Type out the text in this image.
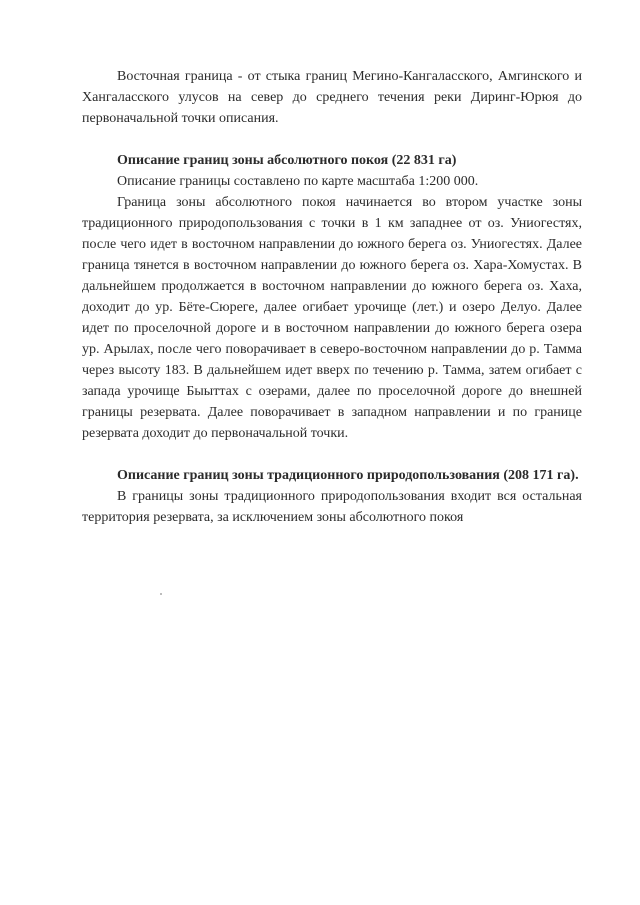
Восточная граница - от стыка границ Мегино-Кангаласского, Амгинского и Хангаласского улусов на север до среднего течения реки Диринг-Юрюя до первоначальной точки описания.

Описание границ зоны абсолютного покоя (22 831 га)

Описание границы составлено по карте масштаба 1:200 000.

Граница зоны абсолютного покоя начинается во втором участке зоны традиционного природопользования с точки в 1 км западнее от оз. Униогестях, после чего идет в восточном направлении до южного берега оз. Униогестях. Далее граница тянется в восточном направлении до южного берега оз. Хара-Хомустах. В дальнейшем продолжается в восточном направлении до южного берега оз. Хаха, доходит до ур. Бёте-Сюреге, далее огибает урочище (лет.) и озеро Делуо. Далее идет по проселочной дороге и в восточном направлении до южного берега озера ур. Арылах, после чего поворачивает в северо-восточном направлении до р. Тамма через высоту 183. В дальнейшем идет вверх по течению р. Тамма, затем огибает с запада урочище Быыттах с озерами, далее по проселочной дороге до внешней границы резервата. Далее поворачивает в западном направлении и по границе резервата доходит до первоначальной точки.

Описание границ зоны традиционного природопользования (208 171 га).

В границы зоны традиционного природопользования входит вся остальная территория резервата, за исключением зоны абсолютного покоя
